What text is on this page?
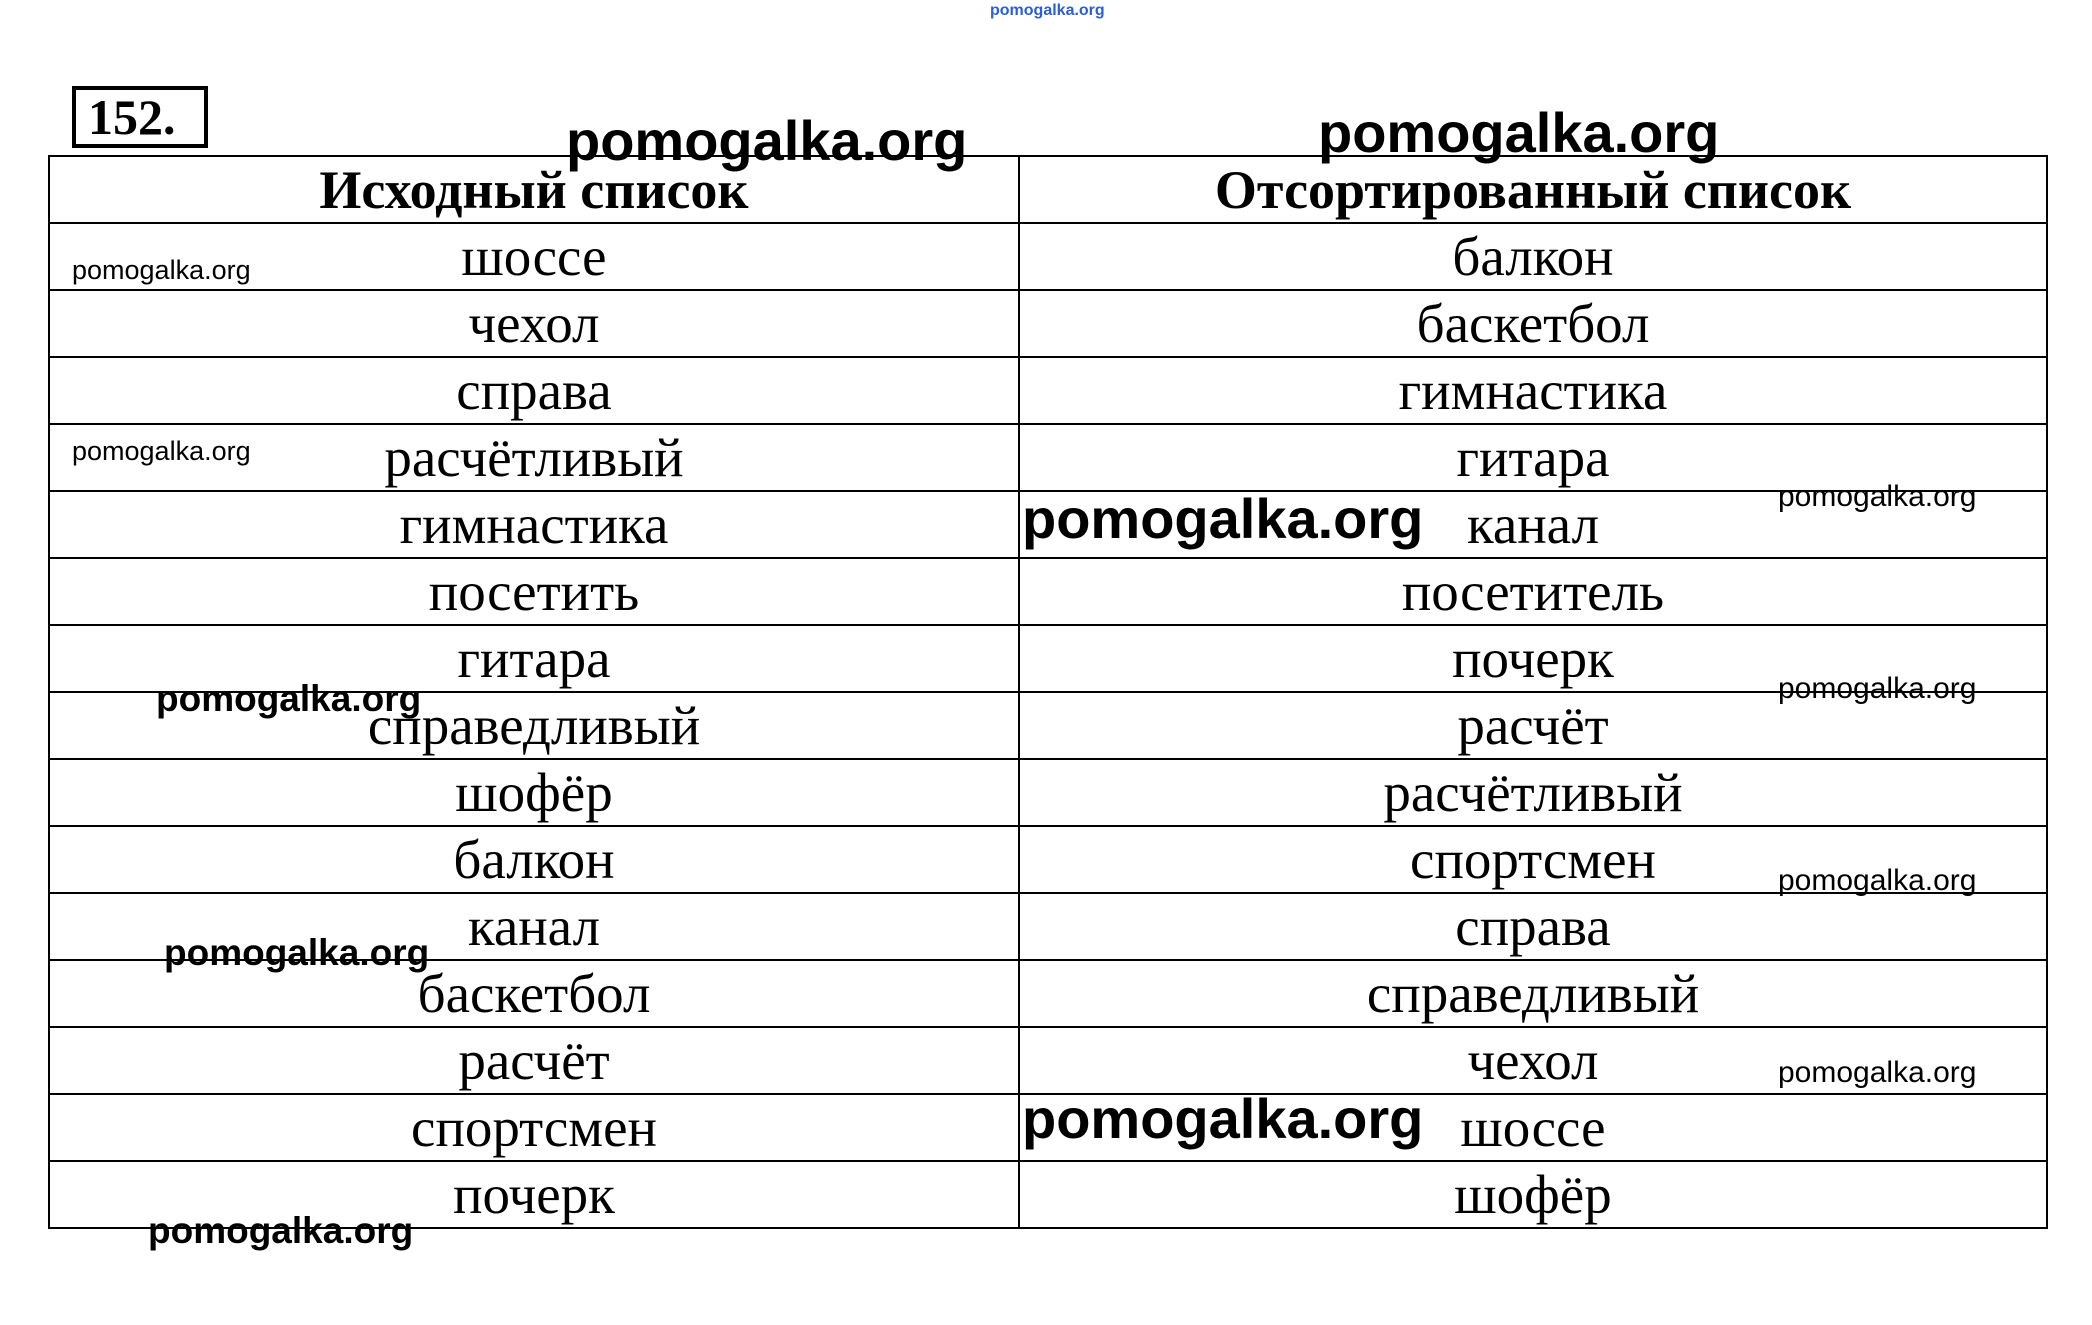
pomogalka.org
152.
Исходный список	Отсортированный список
шоссе	балкон
чехол	баскетбол
справа	гимнастика
расчётливый	гитара
гимнастика	канал
посетить	посетитель
гитара	почерк
справедливый	расчёт
шофёр	расчётливый
балкон	спортсмен
канал	справа
баскетбол	справедливый
расчёт	чехол
спортсмен	шоссе
почерк	шофёр
pomogalka.org	pomogalka.org
pomogalka.org
pomogalka.org
pomogalka.org
pomogalka.org
pomogalka.org	pomogalka.org
pomogalka.org
pomogalka.org
pomogalka.org
pomogalka.org
pomogalka.org
